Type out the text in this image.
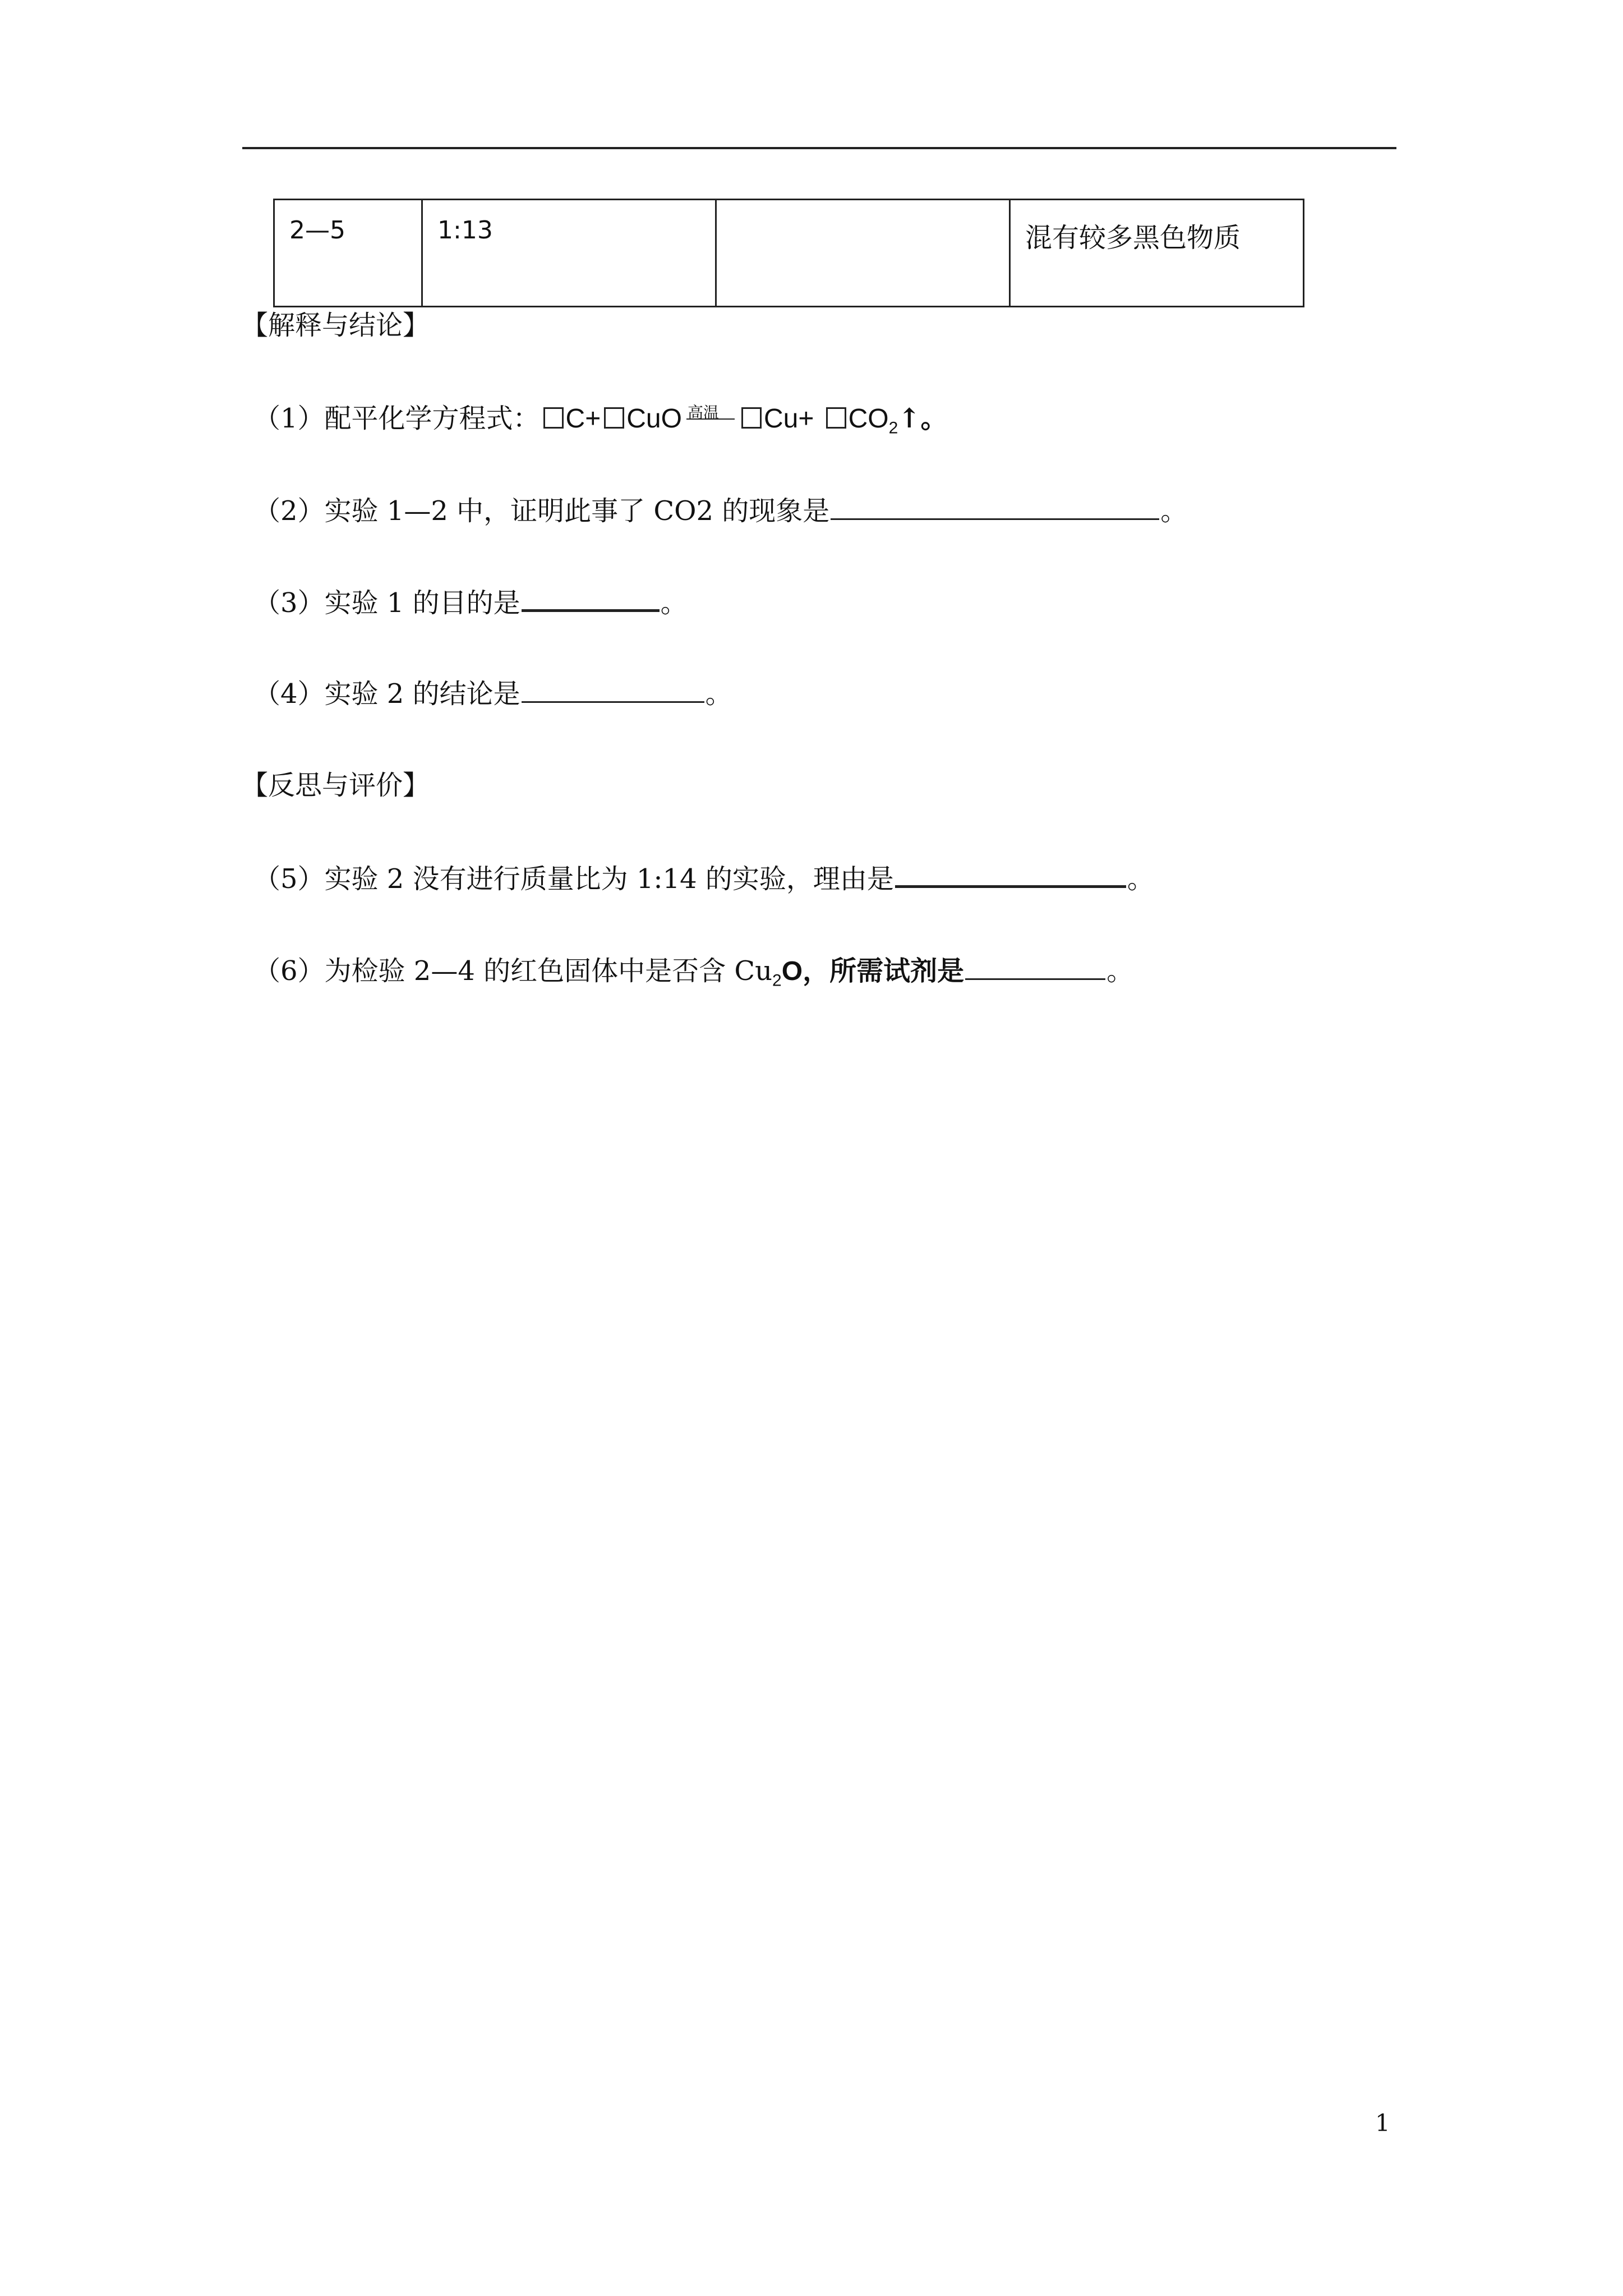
2—5	1:13		混有较多黑色物质
【解释与结论】
（1）配平化学方程式： C+ CuO 高温 $Cu+ CO_2↑$。
（2）实验 1—2 中，证明此事了 CO2 的现象是	。
（3）实验 1 的目的是	。
（4）实验 2 的结论是	。
【反思与评价】
（5）实验 2 没有进行质量比为 1:14 的实验，理由是	。
（6）为检验 2—4 的红色固体中是否含 $Cu_2O$，所需试剂是	。
1
